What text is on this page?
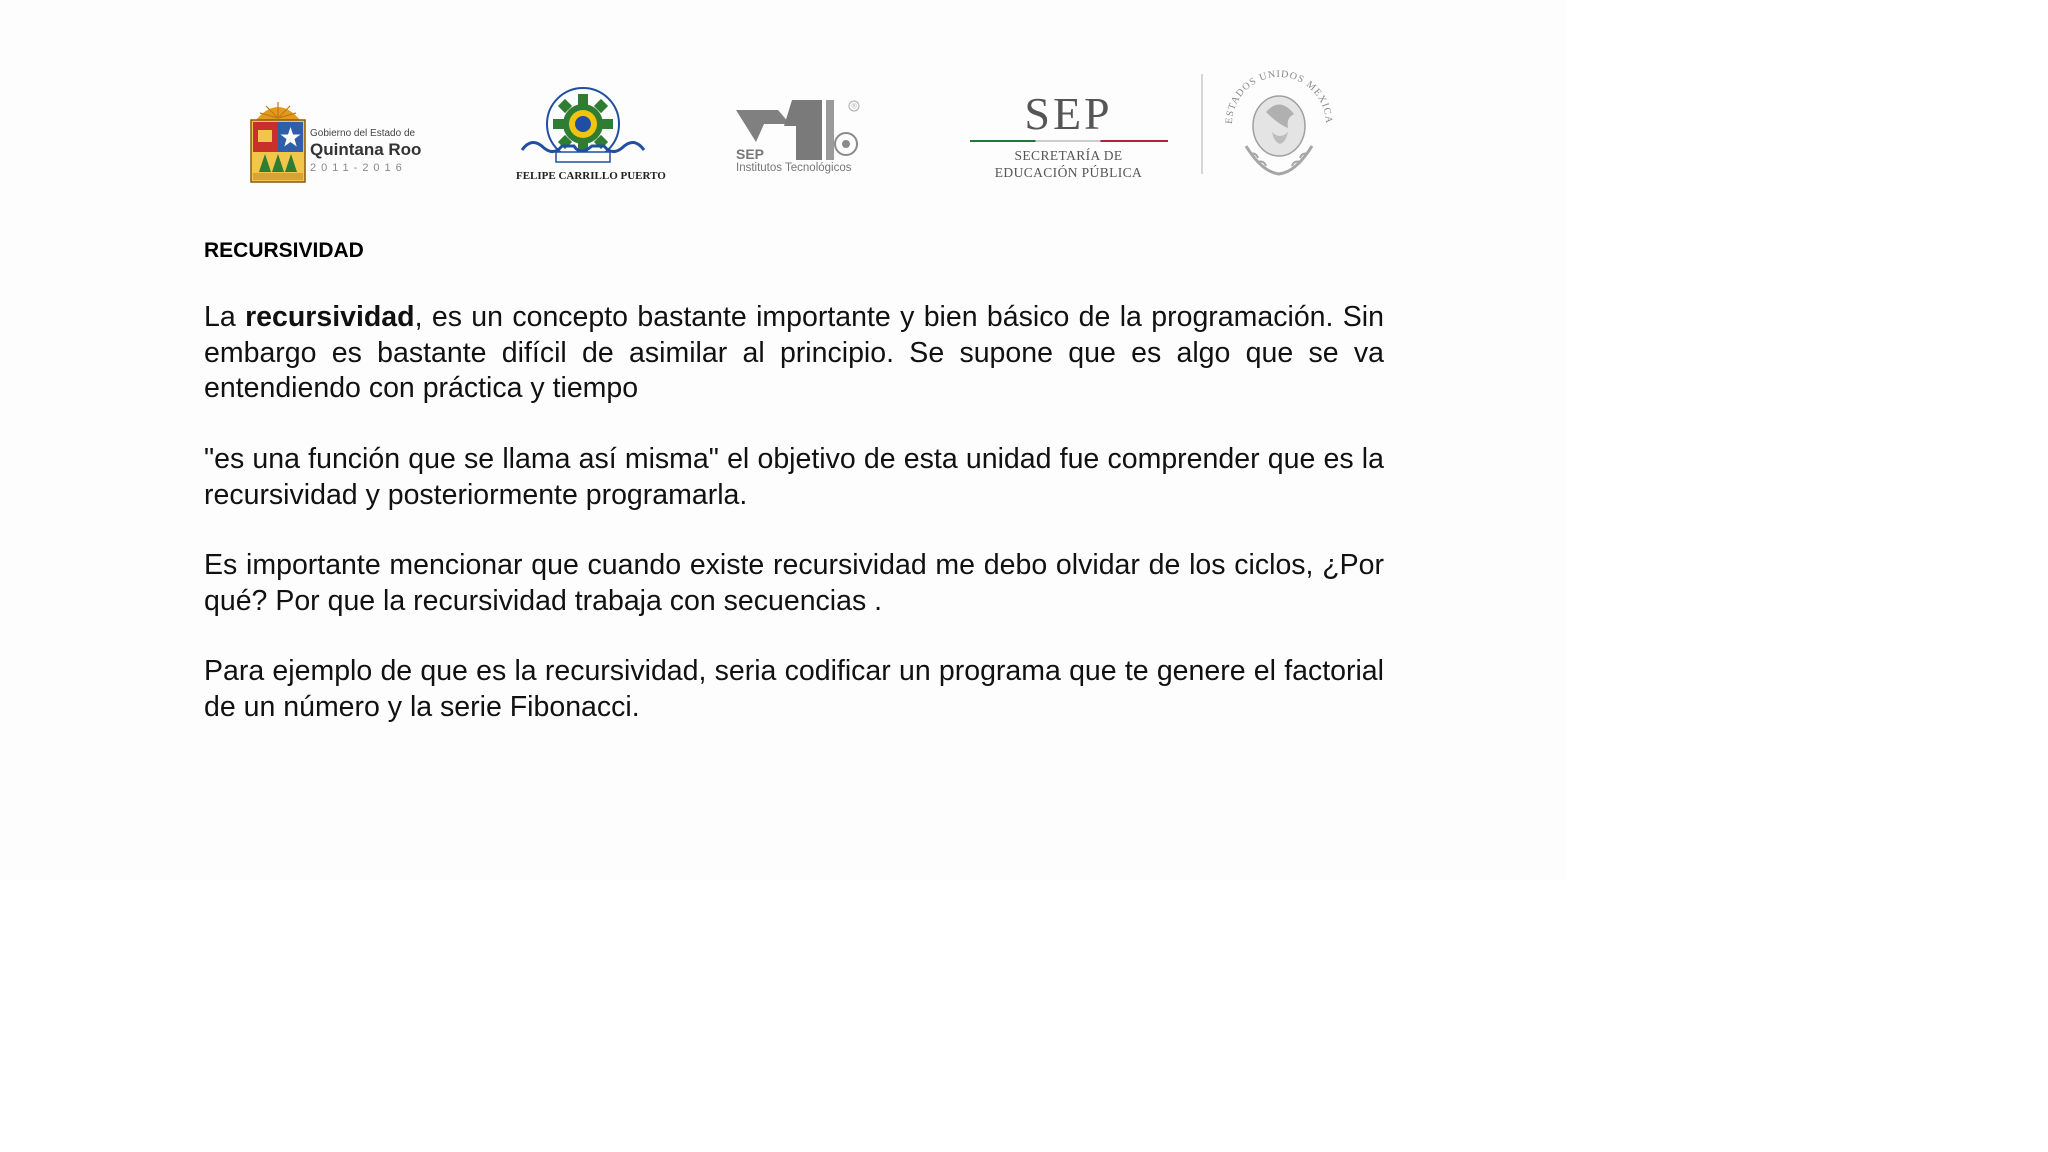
Gobierno del Estado de
Quintana Roo
2011-2016
FELIPE CARRILLO PUERTO
®
SEP
Institutos Tecnológicos
SEP
SECRETARÍA DE
EDUCACIÓN PÚBLICA
ESTADOS UNIDOS MEXICA
RECURSIVIDAD

La recursividad, es un concepto bastante importante y bien básico de la programación. Sin embargo es bastante difícil de asimilar al principio. Se supone que es algo que se va entendiendo con práctica y tiempo

"es una función que se llama así misma" el objetivo de esta unidad fue comprender que es la recursividad y posteriormente programarla.

Es importante mencionar que cuando existe recursividad me debo olvidar de los ciclos, ¿Por qué? Por que la recursividad trabaja con secuencias .

Para ejemplo de que es la recursividad, seria codificar un programa que te genere el factorial de un número y la serie Fibonacci.
